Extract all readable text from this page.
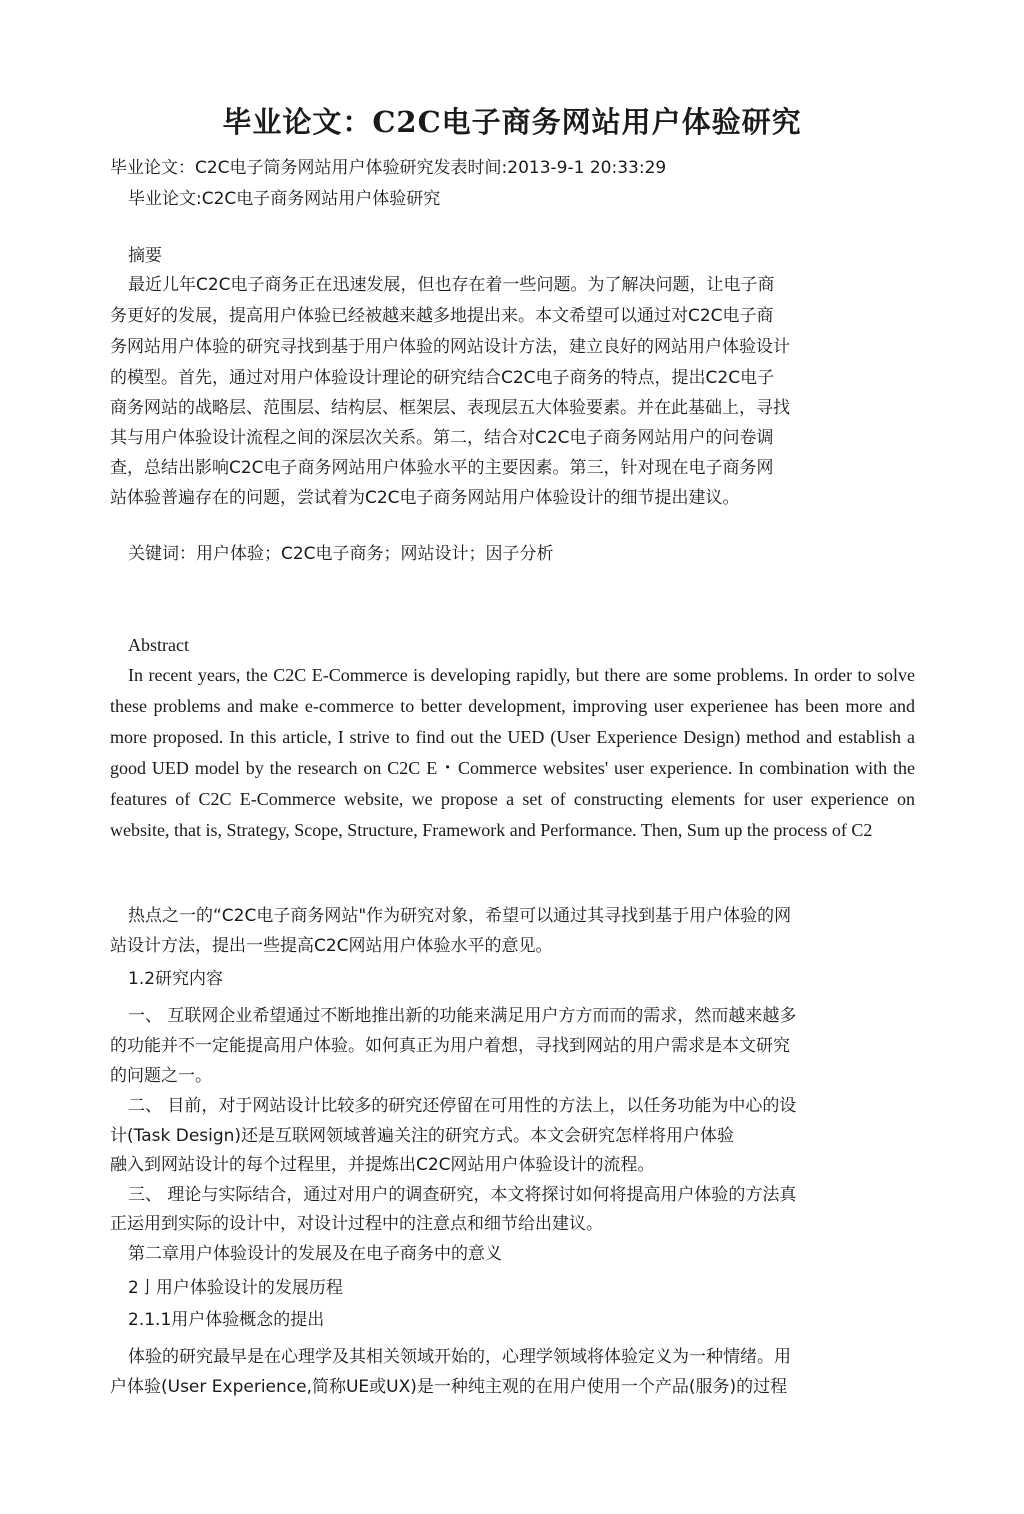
毕业论文：C2C电子商务网站用户体验研究
毕业论文：C2C电子筒务网站用户体验研究发表时间:2013-9-1 20:33:29
毕业论文:C2C电子商务网站用户体验研究
摘要
最近儿年C2C电子商务正在迅速发展，但也存在着一些问题。为了解决问题，让电子商
务更好的发展，提高用户体验已经被越来越多地提出来。本文希望可以通过对C2C电子商
务网站用户体验的研究寻找到基于用户体验的网站设计方法，建立良好的网站用户体验设计
的模型。首先，通过对用户体验设计理论的研究结合C2C电子商务的特点，提岀C2C电子
商务网站的战略层、范围层、结构层、框架层、表现层五大体验要素。并在此基础上，寻找
其与用户体验设计流程之间的深层次关系。第二，结合对C2C电子商务网站用户的问卷调
查，总结出影响C2C电子商务网站用户体验水平的主要因素。第三，针对现在电子商务网
站体验普遍存在的问题，尝试着为C2C电子商务网站用户体验设计的细节提出建议。
关键词：用户体验；C2C电子商务；网站设计；因子分析
Abstract
In recent years, the C2C E-Commerce is developing rapidly, but there are some problems. In order to solve these problems and make e-commerce to better development, improving user experienee has been more and more proposed. In this article, I strive to find out the UED (User Experience Design) method and establish a good UED model by the research on C2C E・Commerce websites' user experience. In combination with the features of C2C E-Commerce website, we propose a set of constructing elements for user experience on website, that is, Strategy, Scope, Structure, Framework and Performance. Then, Sum up the process of C2
热点之一的“C2C电子商务网站"作为研究对象，希望可以通过其寻找到基于用户体验的网
站设计方法，提出一些提高C2C网站用户体验水平的意见。
1.2研究内容
一、 互联网企业希望通过不断地推出新的功能来满足用户方方而而的需求，然而越来越多
的功能并不一定能提高用户体验。如何真正为用户着想，寻找到网站的用户需求是本文研究
的问题之一。
二、 目前，对于网站设计比较多的研究还停留在可用性的方法上，以任务功能为中心的设
计(Task Design)还是互联网领域普遍关注的研究方式。本文会研究怎样将用户体验
融入到网站设计的每个过程里，并提炼出C2C网站用户体验设计的流程。
三、 理论与实际结合，通过对用户的调查研究，本文将探讨如何将提高用户体验的方法真
正运用到实际的设计中，对设计过程中的注意点和细节给出建议。
第二章用户体验设计的发展及在电子商务中的意义
2亅用户体验设计的发展历程
2.1.1用户体验概念的提出
体验的研究最早是在心理学及其相关领域开始的，心理学领域将体验定义为一种情绪。用
户体验(User Experience,简称UE或UX)是一种纯主观的在用户使用一个产品(服务)的过程
